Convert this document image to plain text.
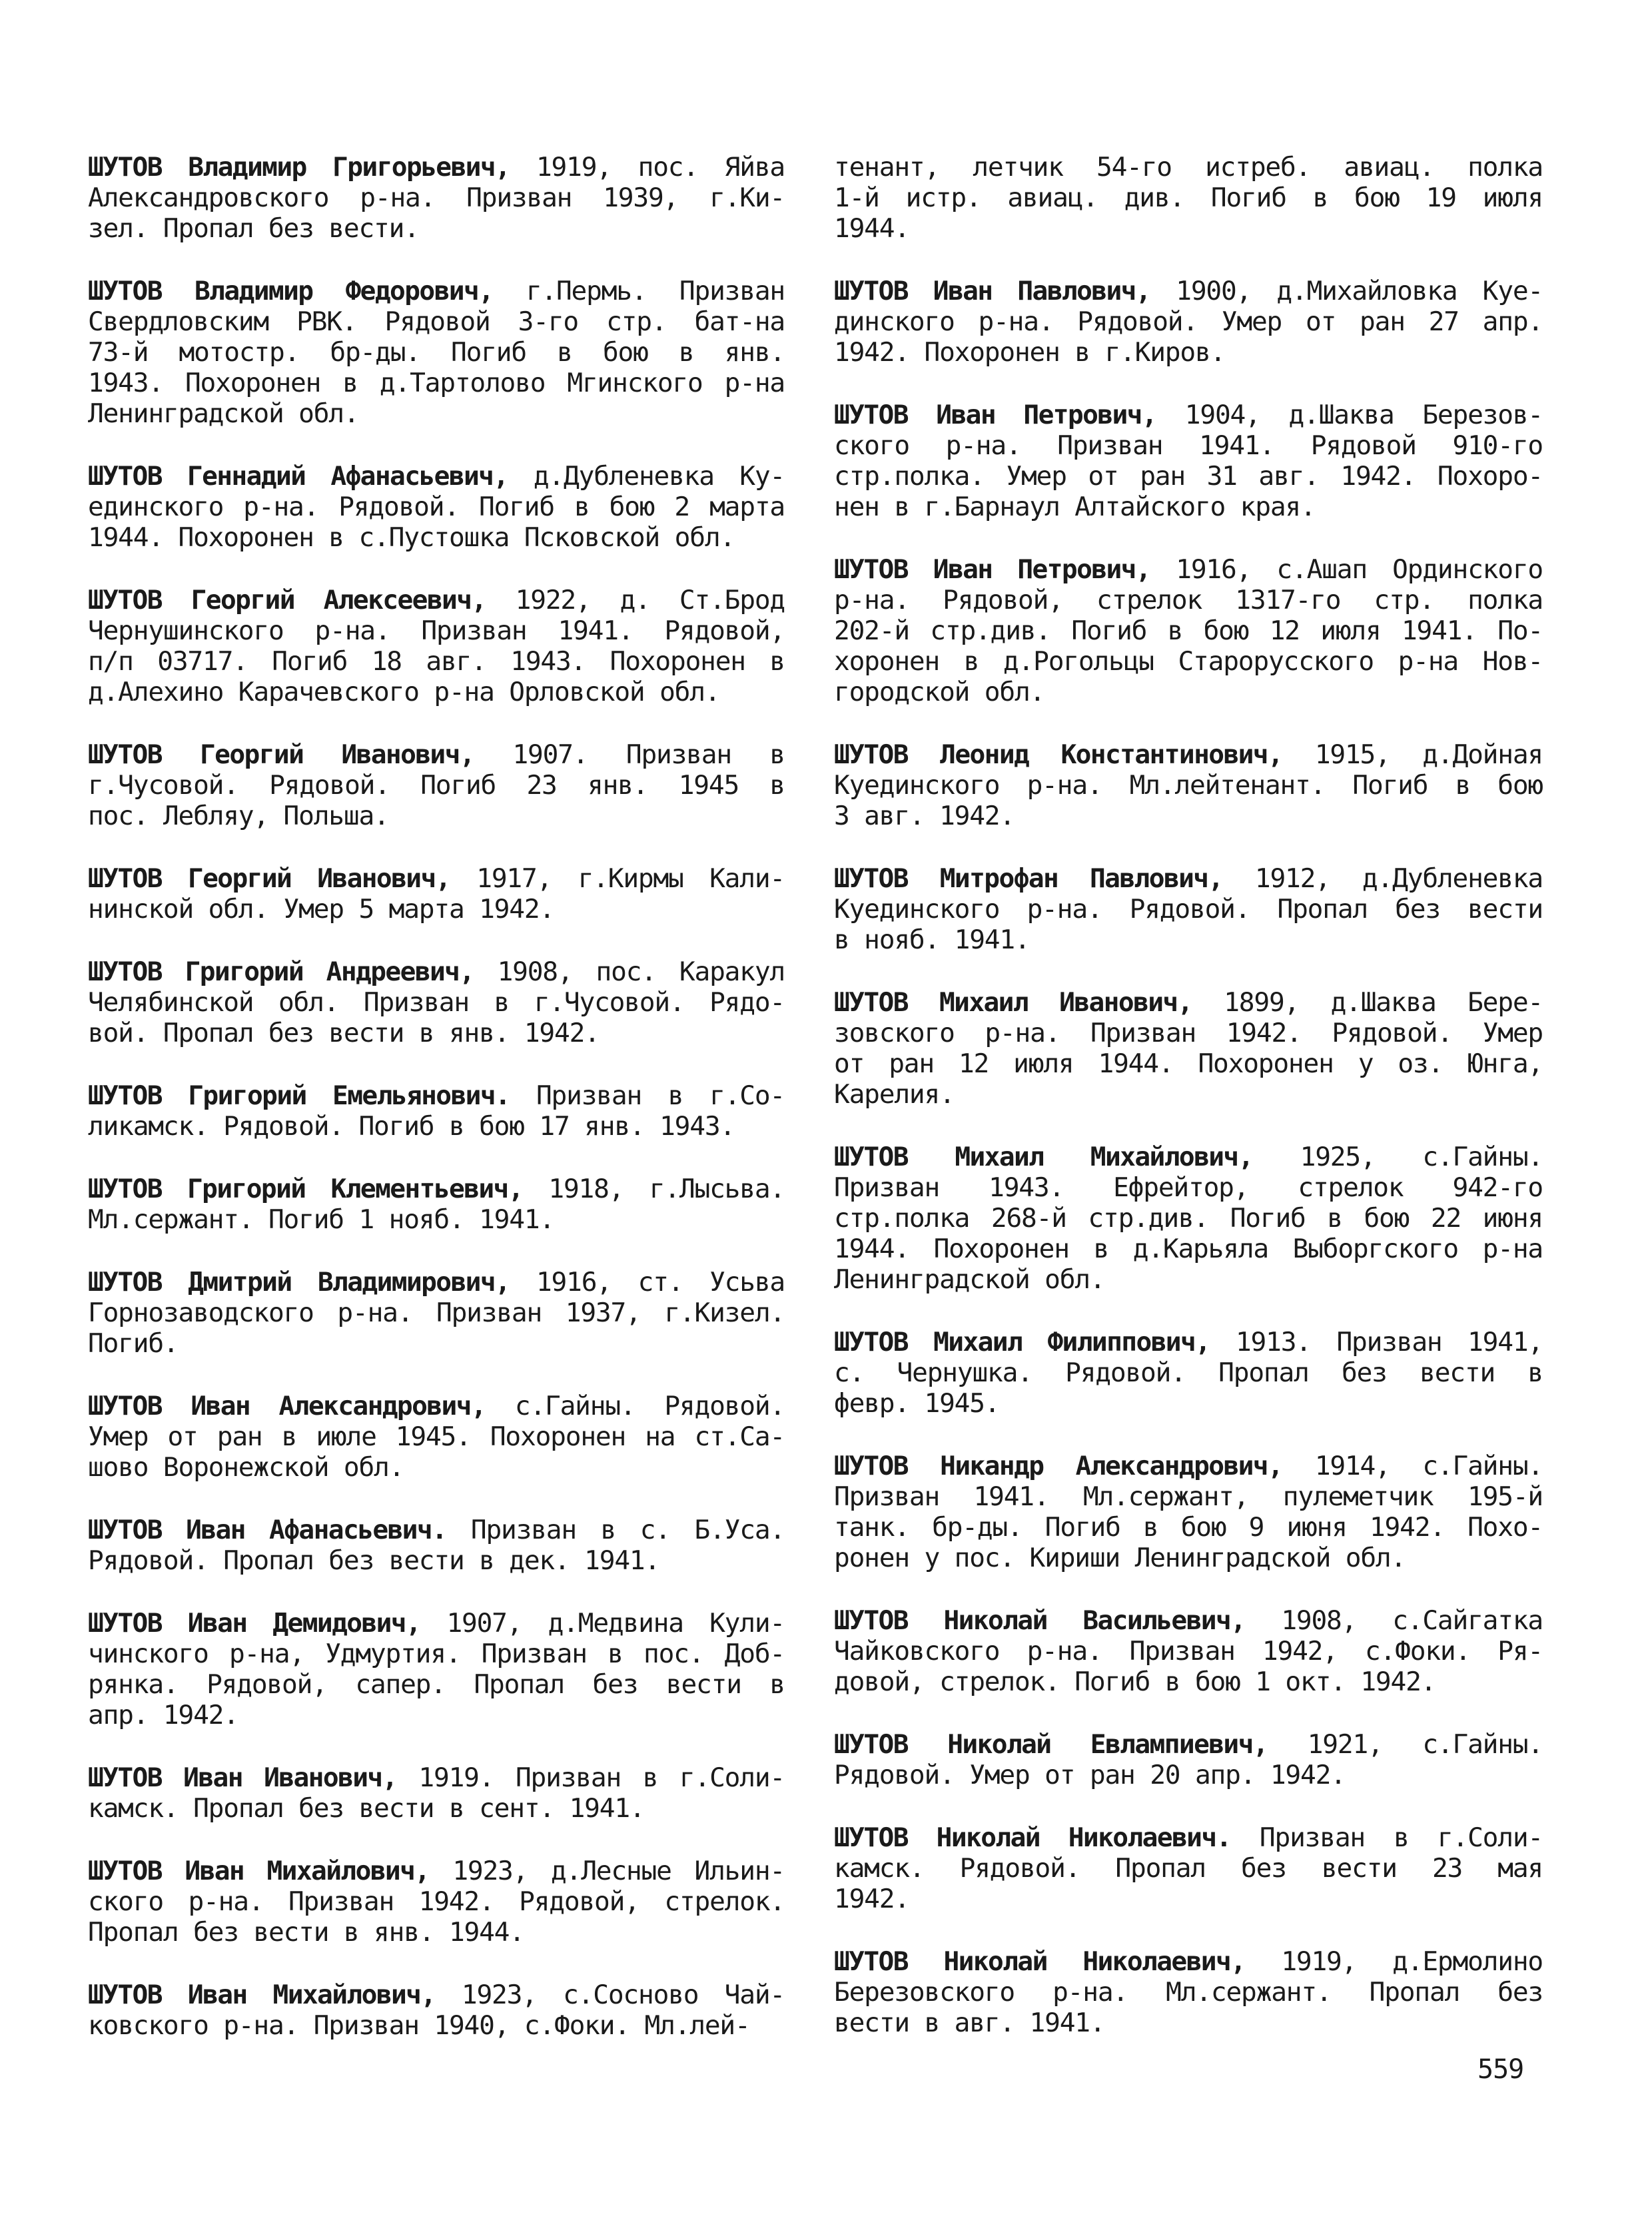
ШУТОВ Владимир Григорьевич, 1919, пос. Яйва
Александровского р-на. Призван 1939, г.Ки-
зел. Пропал без вести.
ШУТОВ Владимир Федорович, г.Пермь. Призван
Свердловским РВК. Рядовой 3-го стр. бат-на
73-й мотостр. бр-ды. Погиб в бою в янв.
1943. Похоронен в д.Тартолово Мгинского р-на
Ленинградской обл.
ШУТОВ Геннадий Афанасьевич, д.Дубленевка Ку-
единского р-на. Рядовой. Погиб в бою 2 марта
1944. Похоронен в с.Пустошка Псковской обл.
ШУТОВ Георгий Алексеевич, 1922, д. Ст.Брод
Чернушинского р-на. Призван 1941. Рядовой,
п/п 03717. Погиб 18 авг. 1943. Похоронен в
д.Алехино Карачевского р-на Орловской обл.
ШУТОВ Георгий Иванович, 1907. Призван в
г.Чусовой. Рядовой. Погиб 23 янв. 1945 в
пос. Лебляу, Польша.
ШУТОВ Георгий Иванович, 1917, г.Кирмы Кали-
нинской обл. Умер 5 марта 1942.
ШУТОВ Григорий Андреевич, 1908, пос. Каракул
Челябинской обл. Призван в г.Чусовой. Рядо-
вой. Пропал без вести в янв. 1942.
ШУТОВ Григорий Емельянович. Призван в г.Со-
ликамск. Рядовой. Погиб в бою 17 янв. 1943.
ШУТОВ Григорий Клементьевич, 1918, г.Лысьва.
Мл.сержант. Погиб 1 нояб. 1941.
ШУТОВ Дмитрий Владимирович, 1916, ст. Усьва
Горнозаводского р-на. Призван 1937, г.Кизел.
Погиб.
ШУТОВ Иван Александрович, с.Гайны. Рядовой.
Умер от ран в июле 1945. Похоронен на ст.Са-
шово Воронежской обл.
ШУТОВ Иван Афанасьевич. Призван в с. Б.Уса.
Рядовой. Пропал без вести в дек. 1941.
ШУТОВ Иван Демидович, 1907, д.Медвина Кули-
чинского р-на, Удмуртия. Призван в пос. Доб-
рянка. Рядовой, сапер. Пропал без вести в
апр. 1942.
ШУТОВ Иван Иванович, 1919. Призван в г.Соли-
камск. Пропал без вести в сент. 1941.
ШУТОВ Иван Михайлович, 1923, д.Лесные Ильин-
ского р-на. Призван 1942. Рядовой, стрелок.
Пропал без вести в янв. 1944.
ШУТОВ Иван Михайлович, 1923, с.Сосново Чай-
ковского р-на. Призван 1940, с.Фоки. Мл.лей-
тенант, летчик 54-го истреб. авиац. полка
1-й истр. авиац. див. Погиб в бою 19 июля
1944.
ШУТОВ Иван Павлович, 1900, д.Михайловка Куе-
динского р-на. Рядовой. Умер от ран 27 апр.
1942. Похоронен в г.Киров.
ШУТОВ Иван Петрович, 1904, д.Шаква Березов-
ского р-на. Призван 1941. Рядовой 910-го
стр.полка. Умер от ран 31 авг. 1942. Похоро-
нен в г.Барнаул Алтайского края.
ШУТОВ Иван Петрович, 1916, с.Ашап Ординского
р-на. Рядовой, стрелок 1317-го стр. полка
202-й стр.див. Погиб в бою 12 июля 1941. По-
хоронен в д.Рогольцы Старорусского р-на Нов-
городской обл.
ШУТОВ Леонид Константинович, 1915, д.Дойная
Куединского р-на. Мл.лейтенант. Погиб в бою
3 авг. 1942.
ШУТОВ Митрофан Павлович, 1912, д.Дубленевка
Куединского р-на. Рядовой. Пропал без вести
в нояб. 1941.
ШУТОВ Михаил Иванович, 1899, д.Шаква Бере-
зовского р-на. Призван 1942. Рядовой. Умер
от ран 12 июля 1944. Похоронен у оз. Юнга,
Карелия.
ШУТОВ Михаил Михайлович, 1925, с.Гайны.
Призван 1943. Ефрейтор, стрелок 942-го
стр.полка 268-й стр.див. Погиб в бою 22 июня
1944. Похоронен в д.Карьяла Выборгского р-на
Ленинградской обл.
ШУТОВ Михаил Филиппович, 1913. Призван 1941,
с. Чернушка. Рядовой. Пропал без вести в
февр. 1945.
ШУТОВ Никандр Александрович, 1914, с.Гайны.
Призван 1941. Мл.сержант, пулеметчик 195-й
танк. бр-ды. Погиб в бою 9 июня 1942. Похо-
ронен у пос. Кириши Ленинградской обл.
ШУТОВ Николай Васильевич, 1908, с.Сайгатка
Чайковского р-на. Призван 1942, с.Фоки. Ря-
довой, стрелок. Погиб в бою 1 окт. 1942.
ШУТОВ Николай Евлампиевич, 1921, с.Гайны.
Рядовой. Умер от ран 20 апр. 1942.
ШУТОВ Николай Николаевич. Призван в г.Соли-
камск. Рядовой. Пропал без вести 23 мая
1942.
ШУТОВ Николай Николаевич, 1919, д.Ермолино
Березовского р-на. Мл.сержант. Пропал без
вести в авг. 1941.
559
